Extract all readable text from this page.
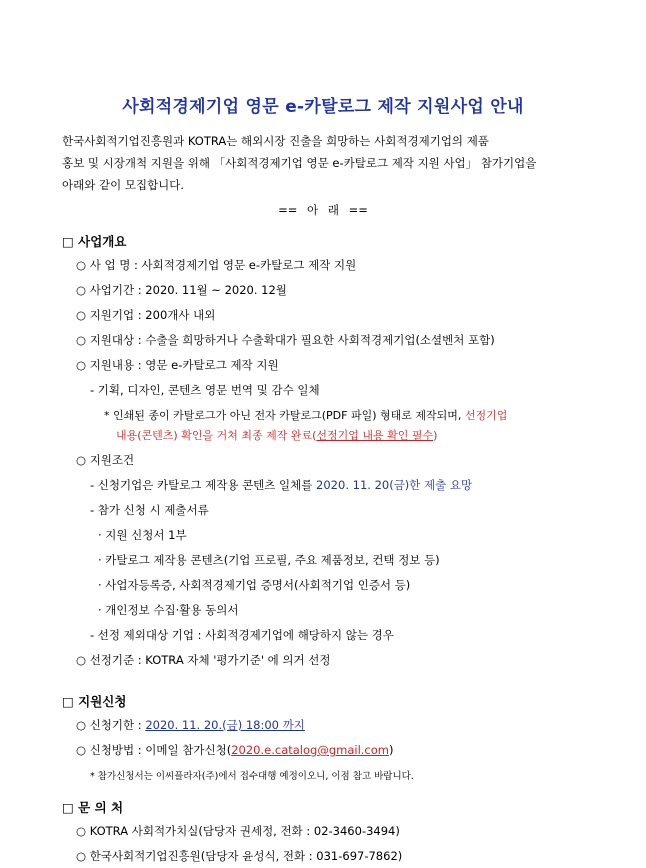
사회적경제기업 영문 e-카탈로그 제작 지원사업 안내
한국사회적기업진흥원과 KOTRA는 해외시장 진출을 희망하는 사회적경제기업의 제품
홍보 및 시장개척 지원을 위해 「사회적경제기업 영문 e-카탈로그 제작 지원 사업」 참가기업을
아래와 같이 모집합니다.
== 아 래 ==
□ 사업개요
○ 사 업 명 : 사회적경제기업 영문 e-카탈로그 제작 지원
○ 사업기간 : 2020. 11월 ~ 2020. 12월
○ 지원기업 : 200개사 내외
○ 지원대상 : 수출을 희망하거나 수출확대가 필요한 사회적경제기업(소셜벤처 포함)
○ 지원내용 : 영문 e-카탈로그 제작 지원
- 기획, 디자인, 콘텐츠 영문 번역 및 감수 일체
* 인쇄된 종이 카탈로그가 아닌 전자 카탈로그(PDF 파일) 형태로 제작되며, 선정기업
내용(콘텐츠) 확인을 거쳐 최종 제작 완료(선정기업 내용 확인 필수)
○ 지원조건
- 신청기업은 카탈로그 제작용 콘텐츠 일체를 2020. 11. 20(금)한 제출 요망
- 참가 신청 시 제출서류
· 지원 신청서 1부
· 카탈로그 제작용 콘텐츠(기업 프로필, 주요 제품정보, 컨택 정보 등)
· 사업자등록증, 사회적경제기업 증명서(사회적기업 인증서 등)
· 개인정보 수집·활용 동의서
- 선정 제외대상 기업 : 사회적경제기업에 해당하지 않는 경우
○ 선정기준 : KOTRA 자체 '평가기준' 에 의거 선정
□ 지원신청
○ 신청기한 : 2020. 11. 20.(금) 18:00 까지
○ 신청방법 : 이메일 참가신청(2020.e.catalog@gmail.com)
* 참가신청서는 이씨플라자(주)에서 접수대행 예정이오니, 이점 참고 바랍니다.
□ 문 의 처
○ KOTRA 사회적가치실(담당자 권세정, 전화 : 02-3460-3494)
○ 한국사회적기업진흥원(담당자 윤성식, 전화 : 031-697-7862)
